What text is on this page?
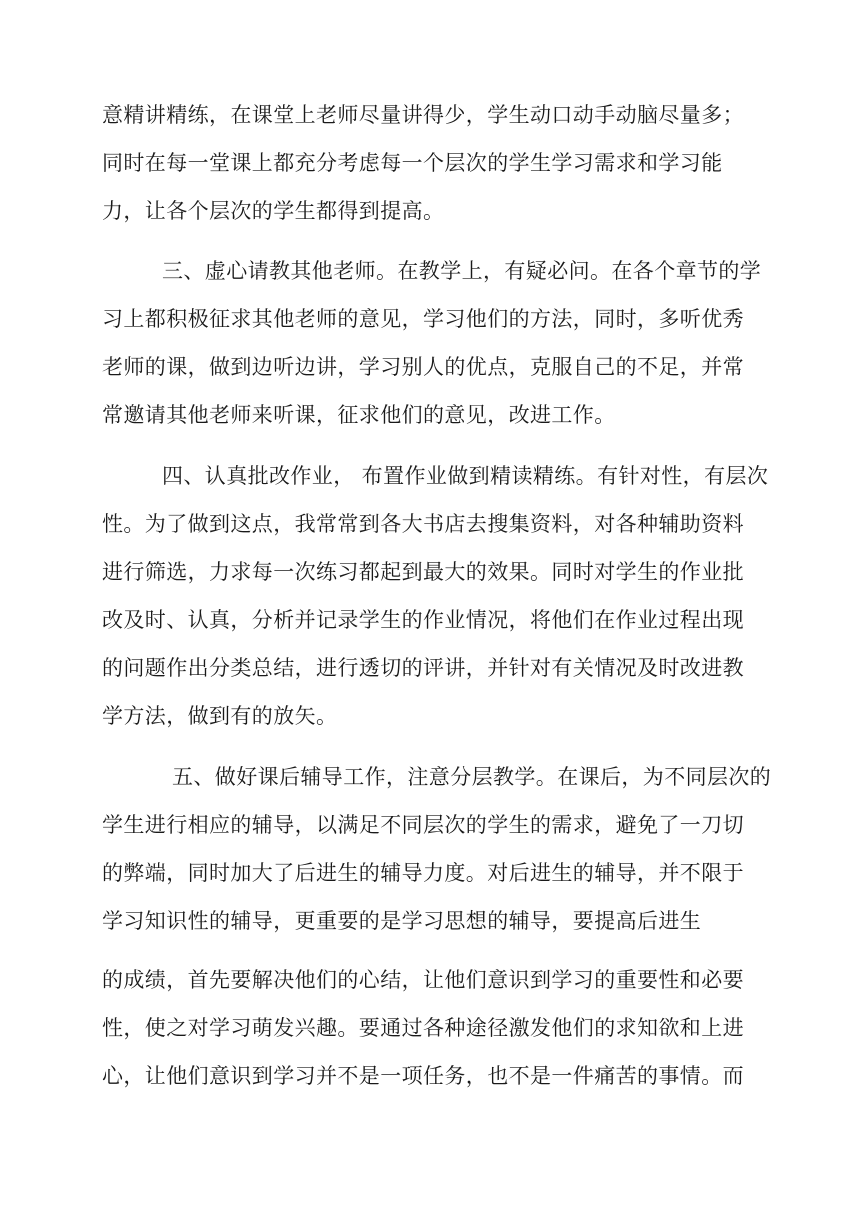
意精讲精练，在课堂上老师尽量讲得少，学生动口动手动脑尽量多；
同时在每一堂课上都充分考虑每一个层次的学生学习需求和学习能
力，让各个层次的学生都得到提高。
三、虚心请教其他老师。在教学上，有疑必问。在各个章节的学
习上都积极征求其他老师的意见，学习他们的方法，同时，多听优秀
老师的课，做到边听边讲，学习别人的优点，克服自己的不足，并常
常邀请其他老师来听课，征求他们的意见，改进工作。
四、认真批改作业， 布置作业做到精读精练。有针对性，有层次
性。为了做到这点，我常常到各大书店去搜集资料，对各种辅助资料
进行筛选，力求每一次练习都起到最大的效果。同时对学生的作业批
改及时、认真，分析并记录学生的作业情况，将他们在作业过程出现
的问题作出分类总结，进行透切的评讲，并针对有关情况及时改进教
学方法，做到有的放矢。
五、做好课后辅导工作，注意分层教学。在课后，为不同层次的
学生进行相应的辅导，以满足不同层次的学生的需求，避免了一刀切
的弊端，同时加大了后进生的辅导力度。对后进生的辅导，并不限于
学习知识性的辅导，更重要的是学习思想的辅导，要提高后进生
的成绩，首先要解决他们的心结，让他们意识到学习的重要性和必要
性，使之对学习萌发兴趣。要通过各种途径激发他们的求知欲和上进
心，让他们意识到学习并不是一项任务，也不是一件痛苦的事情。而
